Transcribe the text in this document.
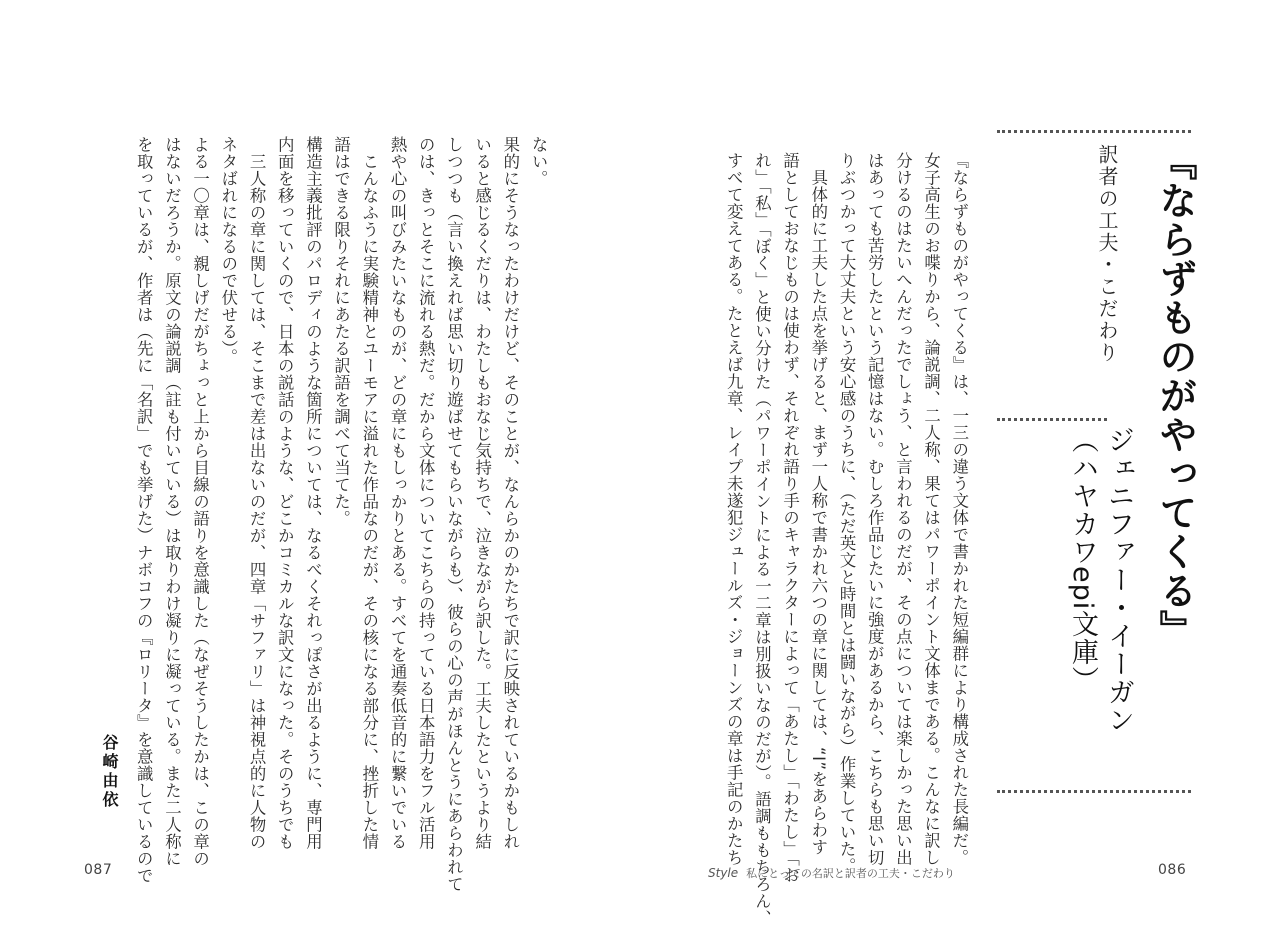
『ならずものがやってくる』
訳者の工夫・こだわり
ジェニファー・イーガン
（ハヤカワepi文庫）
『ならずものがやってくる』は、一三の違う文体で書かれた短編群により構成された長編だ。
女子高生のお喋りから、論説調、二人称、果てはパワーポイント文体まである。こんなに訳し
分けるのはたいへんだったでしょう、と言われるのだが、その点については楽しかった思い出
はあっても苦労したという記憶はない。むしろ作品じたいに強度があるから、こちらも思い切
りぶつかって大丈夫という安心感のうちに、（ただ英文と時間とは闘いながら）作業していた。
　具体的に工夫した点を挙げると、まず一人称で書かれ六つの章に関しては、“I”をあらわす
語としておなじものは使わず、それぞれ語り手のキャラクターによって「あたし」「わたし」「お
れ」「私」「ぼく」と使い分けた（パワーポイントによる一二章は別扱いなのだが）。語調ももちろん、
すべて変えてある。たとえば九章、レイプ未遂犯ジュールズ・ジョーンズの章は手記のかたち
ない。
果的にそうなったわけだけど、そのことが、なんらかのかたちで訳に反映されているかもしれ
いると感じるくだりは、わたしもおなじ気持ちで、泣きながら訳した。工夫したというより結
しつつも（言い換えれば思い切り遊ばせてもらいながらも）、彼らの心の声がほんとうにあらわれて
のは、きっとそこに流れる熱だ。だから文体についてこちらの持っている日本語力をフル活用
熱や心の叫びみたいなものが、どの章にもしっかりとある。すべてを通奏低音的に繋いでいる
　こんなふうに実験精神とユーモアに溢れた作品なのだが、その核になる部分に、挫折した情
語はできる限りそれにあたる訳語を調べて当てた。
構造主義批評のパロディのような箇所については、なるべくそれっぽさが出るように、専門用
内面を移っていくので、日本の説話のような、どこかコミカルな訳文になった。そのうちでも
　三人称の章に関しては、そこまで差は出ないのだが、四章「サファリ」は神視点的に人物の
ネタばれになるので伏せる）。
よる一〇章は、親しげだがちょっと上から目線の語りを意識した（なぜそうしたかは、この章の
はないだろうか。原文の論説調（註も付いている）は取りわけ凝りに凝っている。また二人称に
を取っているが、作者は（先に「名訳」でも挙げた）ナボコフの『ロリータ』を意識しているので
谷崎由依
087	Style 私にとっての名訳と訳者の工夫・こだわり	086
